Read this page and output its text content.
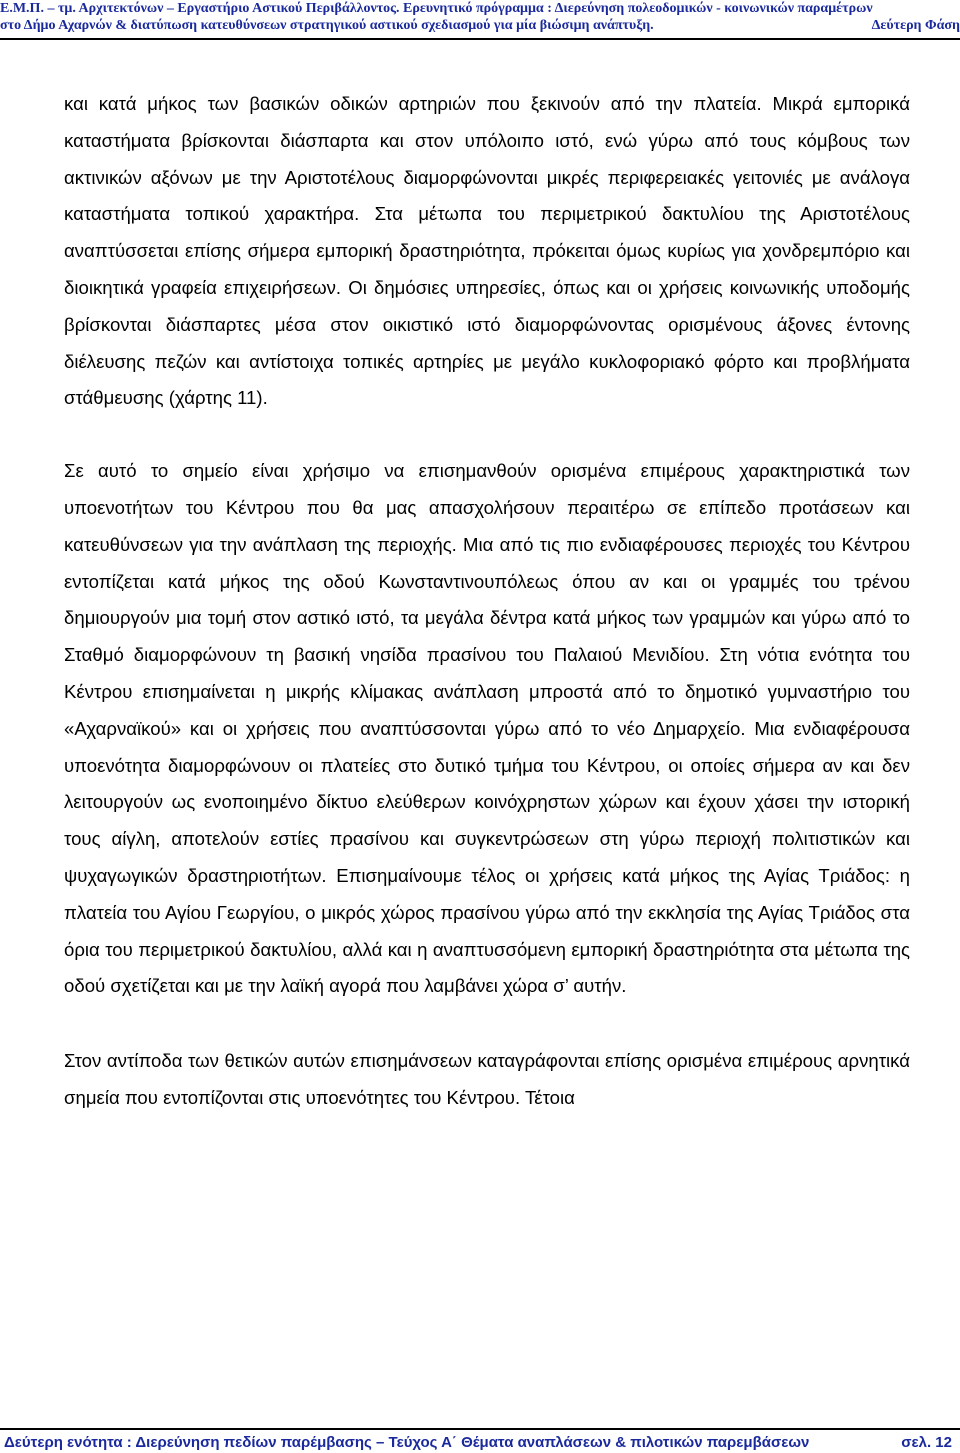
Ε.Μ.Π. – τμ. Αρχιτεκτόνων – Εργαστήριο Αστικού Περιβάλλοντος. Ερευνητικό πρόγραμμα : Διερεύνηση πολεοδομικών - κοινωνικών παραμέτρων
στο Δήμο Αχαρνών & διατύπωση κατευθύνσεων στρατηγικού αστικού σχεδιασμού για μία βιώσιμη ανάπτυξη.	Δεύτερη Φάση

και κατά μήκος των βασικών οδικών αρτηριών που ξεκινούν από την πλατεία. Μικρά εμπορικά καταστήματα βρίσκονται διάσπαρτα και στον υπόλοιπο ιστό, ενώ γύρω από τους κόμβους των ακτινικών αξόνων με την Αριστοτέλους διαμορφώνονται μικρές περιφερειακές γειτονιές με ανάλογα καταστήματα τοπικού χαρακτήρα. Στα μέτωπα του περιμετρικού δακτυλίου της Αριστοτέλους αναπτύσσεται επίσης σήμερα εμπορική δραστηριότητα, πρόκειται όμως κυρίως για χονδρεμπόριο και διοικητικά γραφεία επιχειρήσεων. Οι δημόσιες υπηρεσίες, όπως και οι χρήσεις κοινωνικής υποδομής βρίσκονται διάσπαρτες μέσα στον οικιστικό ιστό διαμορφώνοντας ορισμένους άξονες έντονης διέλευσης πεζών και αντίστοιχα τοπικές αρτηρίες με μεγάλο κυκλοφοριακό φόρτο και προβλήματα στάθμευσης (χάρτης 11).

Σε αυτό το σημείο είναι χρήσιμο να επισημανθούν ορισμένα επιμέρους χαρακτηριστικά των υποενοτήτων του Κέντρου που θα μας απασχολήσουν περαιτέρω σε επίπεδο προτάσεων και κατευθύνσεων για την ανάπλαση της περιοχής. Μια από τις πιο ενδιαφέρουσες περιοχές του Κέντρου εντοπίζεται κατά μήκος της οδού Κωνσταντινουπόλεως όπου αν και οι γραμμές του τρένου δημιουργούν μια τομή στον αστικό ιστό, τα μεγάλα δέντρα κατά μήκος των γραμμών και γύρω από το Σταθμό διαμορφώνουν τη βασική νησίδα πρασίνου του Παλαιού Μενιδίου. Στη νότια ενότητα του Κέντρου επισημαίνεται η μικρής κλίμακας ανάπλαση μπροστά από το δημοτικό γυμναστήριο του «Αχαρναϊκού» και οι χρήσεις που αναπτύσσονται γύρω από το νέο Δημαρχείο. Μια ενδιαφέρουσα υποενότητα διαμορφώνουν οι πλατείες στο δυτικό τμήμα του Κέντρου, οι οποίες σήμερα αν και δεν λειτουργούν ως ενοποιημένο δίκτυο ελεύθερων κοινόχρηστων χώρων και έχουν χάσει την ιστορική τους αίγλη, αποτελούν εστίες πρασίνου και συγκεντρώσεων στη γύρω περιοχή πολιτιστικών και ψυχαγωγικών δραστηριοτήτων. Επισημαίνουμε τέλος οι χρήσεις κατά μήκος της Αγίας Τριάδος: η πλατεία του Αγίου Γεωργίου, ο μικρός χώρος πρασίνου γύρω από την εκκλησία της Αγίας Τριάδος στα όρια του περιμετρικού δακτυλίου, αλλά και η αναπτυσσόμενη εμπορική δραστηριότητα στα μέτωπα της οδού σχετίζεται και με την λαϊκή αγορά που λαμβάνει χώρα σ’ αυτήν.

Στον αντίποδα των θετικών αυτών επισημάνσεων καταγράφονται επίσης ορισμένα επιμέρους αρνητικά σημεία που εντοπίζονται στις υποενότητες του Κέντρου. Τέτοια

Δεύτερη ενότητα : Διερεύνηση πεδίων παρέμβασης – Τεύχος Α΄ Θέματα αναπλάσεων & πιλοτικών παρεμβάσεων	σελ. 12
